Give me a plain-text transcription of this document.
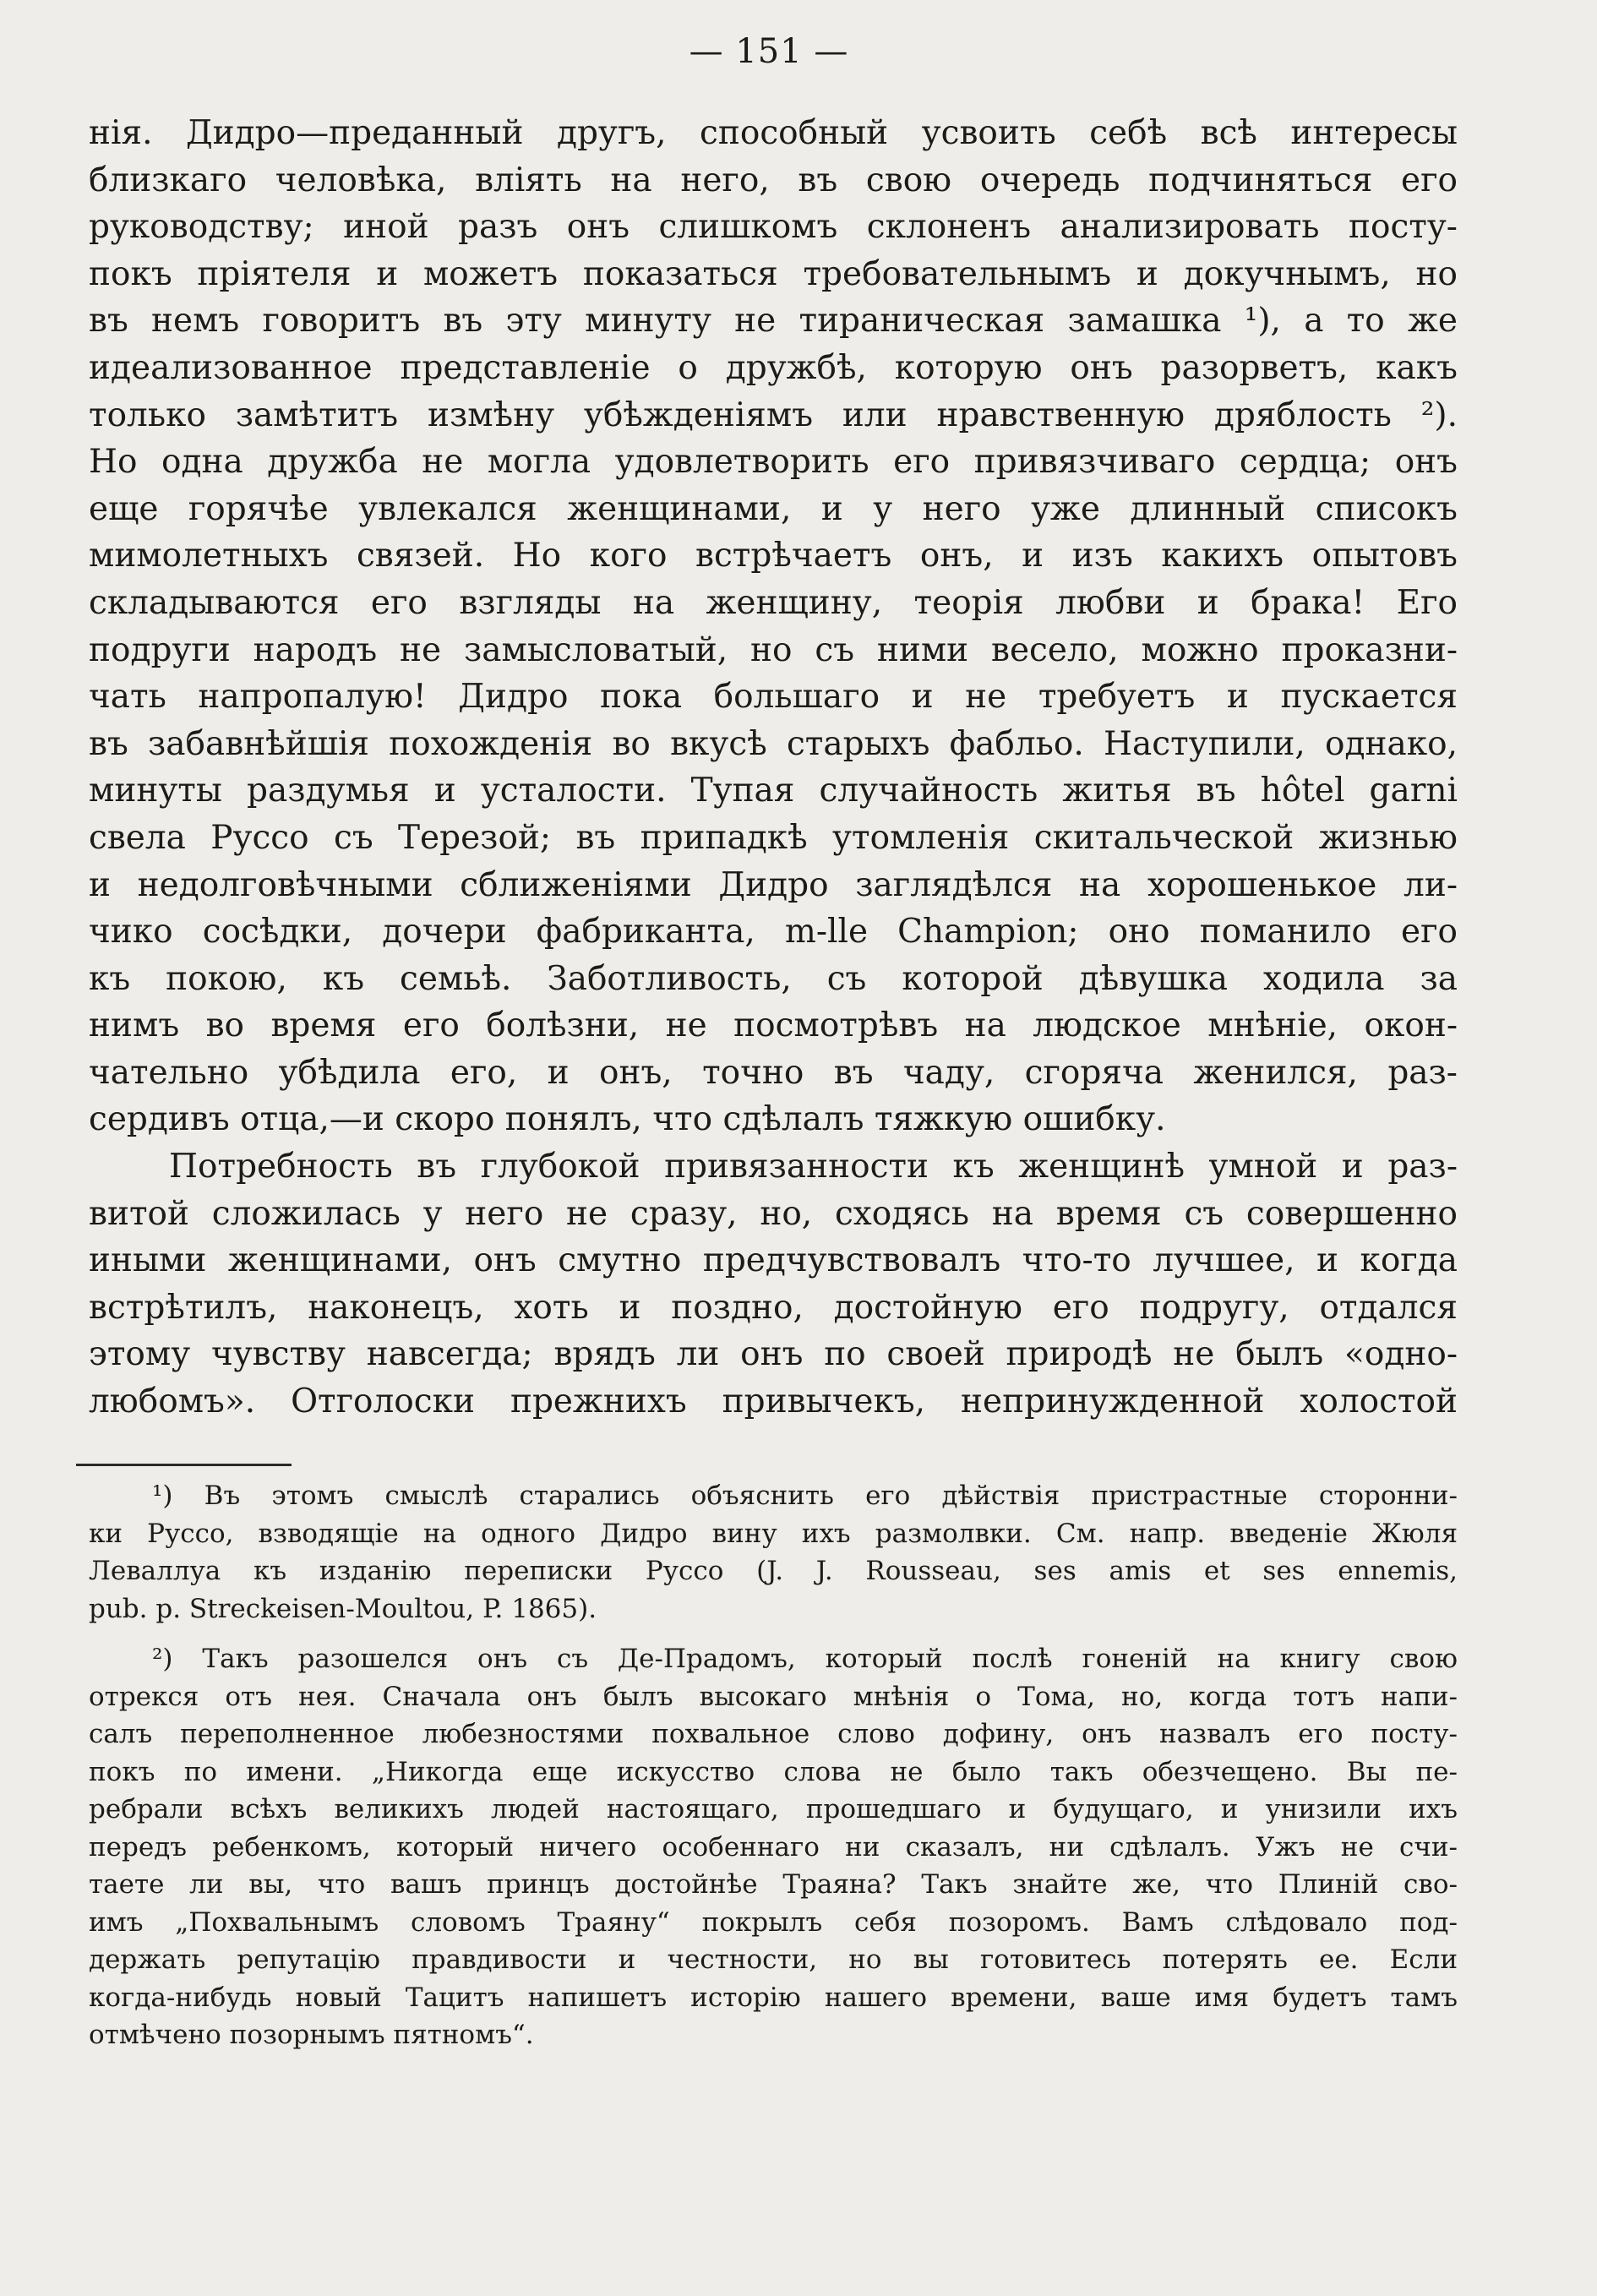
— 151 —
нія. Дидро—преданный другъ, способный усвоить себѣ всѣ интересы
близкаго человѣка, влiять на него, въ свою очередь подчиняться его
руководству; иной разъ онъ слишкомъ склоненъ анализировать посту-
покъ прiятеля и можетъ показаться требовательнымъ и докучнымъ, но
въ немъ говоритъ въ эту минуту не тираническая замашка ¹), а то же
идеализованное представленiе о дружбѣ, которую онъ разорветъ, какъ
только замѣтитъ измѣну убѣжденiямъ или нравственную дряблость ²).
Но одна дружба не могла удовлетворить его привязчиваго сердца; онъ
еще горячѣе увлекался женщинами, и у него уже длинный списокъ
мимолетныхъ связей. Но кого встрѣчаетъ онъ, и изъ какихъ опытовъ
складываются его взгляды на женщину, теорiя любви и брака! Его
подруги народъ не замысловатый, но съ ними весело, можно проказни-
чать напропалую! Дидро пока большаго и не требуетъ и пускается
въ забавнѣйшiя похожденiя во вкусѣ старыхъ фабльо. Наступили, однако,
минуты раздумья и усталости. Тупая случайность житья въ hôtel garni
свела Руссо съ Терезой; въ припадкѣ утомленiя скитальческой жизнью
и недолговѣчными сближенiями Дидро заглядѣлся на хорошенькое ли-
чико сосѣдки, дочери фабриканта, m-lle Champion; оно поманило его
къ покою, къ семьѣ. Заботливость, съ которой дѣвушка ходила за
нимъ во время его болѣзни, не посмотрѣвъ на людское мнѣнiе, окон-
чательно убѣдила его, и онъ, точно въ чаду, сгоряча женился, раз-
сердивъ отца,—и скоро понялъ, что сдѣлалъ тяжкую ошибку.
Потребность въ глубокой привязанности къ женщинѣ умной и раз-
витой сложилась у него не сразу, но, сходясь на время съ совершенно
иными женщинами, онъ смутно предчувствовалъ что-то лучшее, и когда
встрѣтилъ, наконецъ, хоть и поздно, достойную его подругу, отдался
этому чувству навсегда; врядъ ли онъ по своей природѣ не былъ «одно-
любомъ». Отголоски прежнихъ привычекъ, непринужденной холостой
¹) Въ этомъ смыслѣ старались объяснить его дѣйствiя пристрастные сторонни-
ки Руссо, взводящiе на одного Дидро вину ихъ размолвки. См. напр. введенiе Жюля
Леваллуа къ изданiю переписки Руссо (J. J. Rousseau, ses amis et ses ennemis,
pub. p. Streckeisen-Moultou, P. 1865).
²) Такъ разошелся онъ съ Де-Прадомъ, который послѣ гоненiй на книгу свою
отрекся отъ нея. Сначала онъ былъ высокаго мнѣнiя о Тома, но, когда тотъ напи-
салъ переполненное любезностями похвальное слово дофину, онъ назвалъ его посту-
покъ по имени. „Никогда еще искусство слова не было такъ обезчещено. Вы пе-
ребрали всѣхъ великихъ людей настоящаго, прошедшаго и будущаго, и унизили ихъ
передъ ребенкомъ, который ничего особеннаго ни сказалъ, ни сдѣлалъ. Ужъ не счи-
таете ли вы, что вашъ принцъ достойнѣе Траяна? Такъ знайте же, что Плинiй сво-
имъ „Похвальнымъ словомъ Траяну“ покрылъ себя позоромъ. Вамъ слѣдовало под-
держать репутацiю правдивости и честности, но вы готовитесь потерять ее. Если
когда-нибудь новый Тацитъ напишетъ исторiю нашего времени, ваше имя будетъ тамъ
отмѣчено позорнымъ пятномъ“.
